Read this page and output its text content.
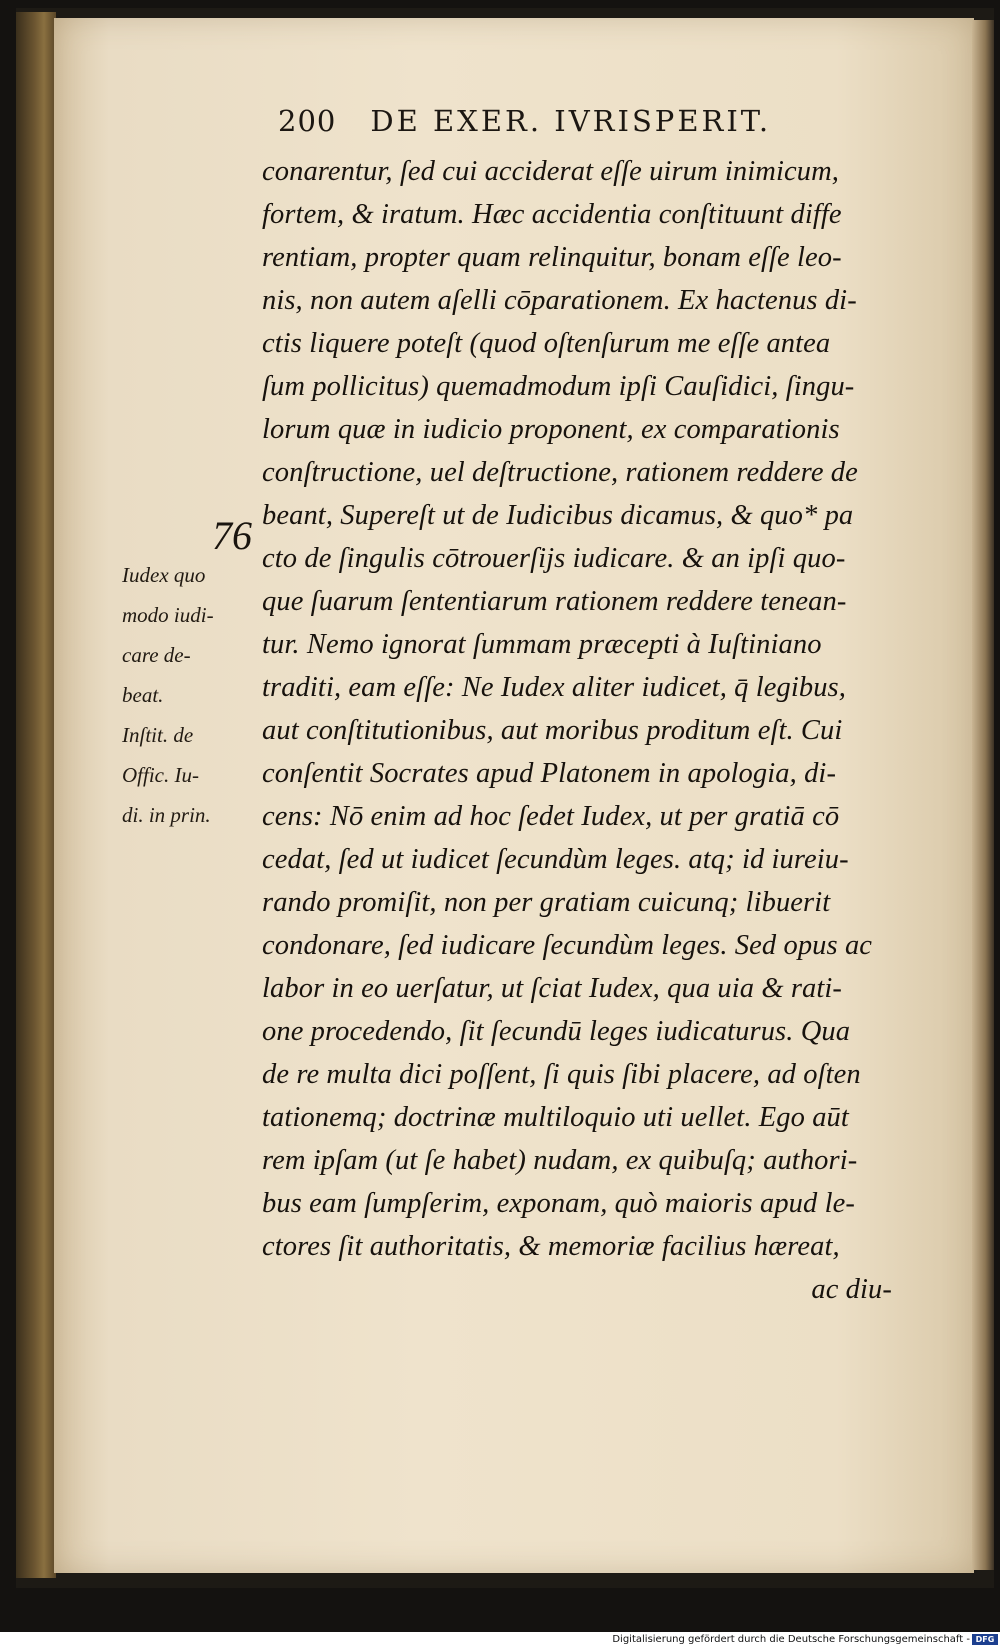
200 DE EXER. IVRISPERIT.
76
Iudex quo
modo iudi-
care de-
beat.
Inſtit. de
Offic. Iu-
di. in prin.
conarentur, ſed cui acciderat eſſe uirum inimicum,
fortem, & iratum. Hæc accidentia conſtituunt diffe
rentiam, propter quam relinquitur, bonam eſſe leo-
nis, non autem aſelli cōparationem. Ex hactenus di-
ctis liquere poteſt (quod oſtenſurum me eſſe antea
ſum pollicitus) quemadmodum ipſi Cauſidici, ſingu-
lorum quæ in iudicio proponent, ex comparationis
conſtructione, uel deſtructione, rationem reddere de
beant, Supereſt ut de Iudicibus dicamus, & quo* pa
cto de ſingulis cōtrouerſijs iudicare. & an ipſi quo-
que ſuarum ſententiarum rationem reddere tenean-
tur. Nemo ignorat ſummam præcepti à Iuſtiniano
traditi, eam eſſe: Ne Iudex aliter iudicet, q̄ legibus,
aut conſtitutionibus, aut moribus proditum eſt. Cui
conſentit Socrates apud Platonem in apologia, di-
cens: Nō enim ad hoc ſedet Iudex, ut per gratiā cō
cedat, ſed ut iudicet ſecundùm leges. atq; id iureiu-
rando promiſit, non per gratiam cuicunq; libuerit
condonare, ſed iudicare ſecundùm leges. Sed opus ac
labor in eo uerſatur, ut ſciat Iudex, qua uia & rati-
one procedendo, ſit ſecundū leges iudicaturus. Qua
de re multa dici poſſent, ſi quis ſibi placere, ad oſten
tationemq; doctrinæ multiloquio uti uellet. Ego aūt
rem ipſam (ut ſe habet) nudam, ex quibuſq; authori-
bus eam ſumpſerim, exponam, quò maioris apud le-
ctores ſit authoritatis, & memoriæ facilius hæreat,
ac diu-
Digitalisierung gefördert durch die Deutsche Forschungsgemeinschaft - DFG
